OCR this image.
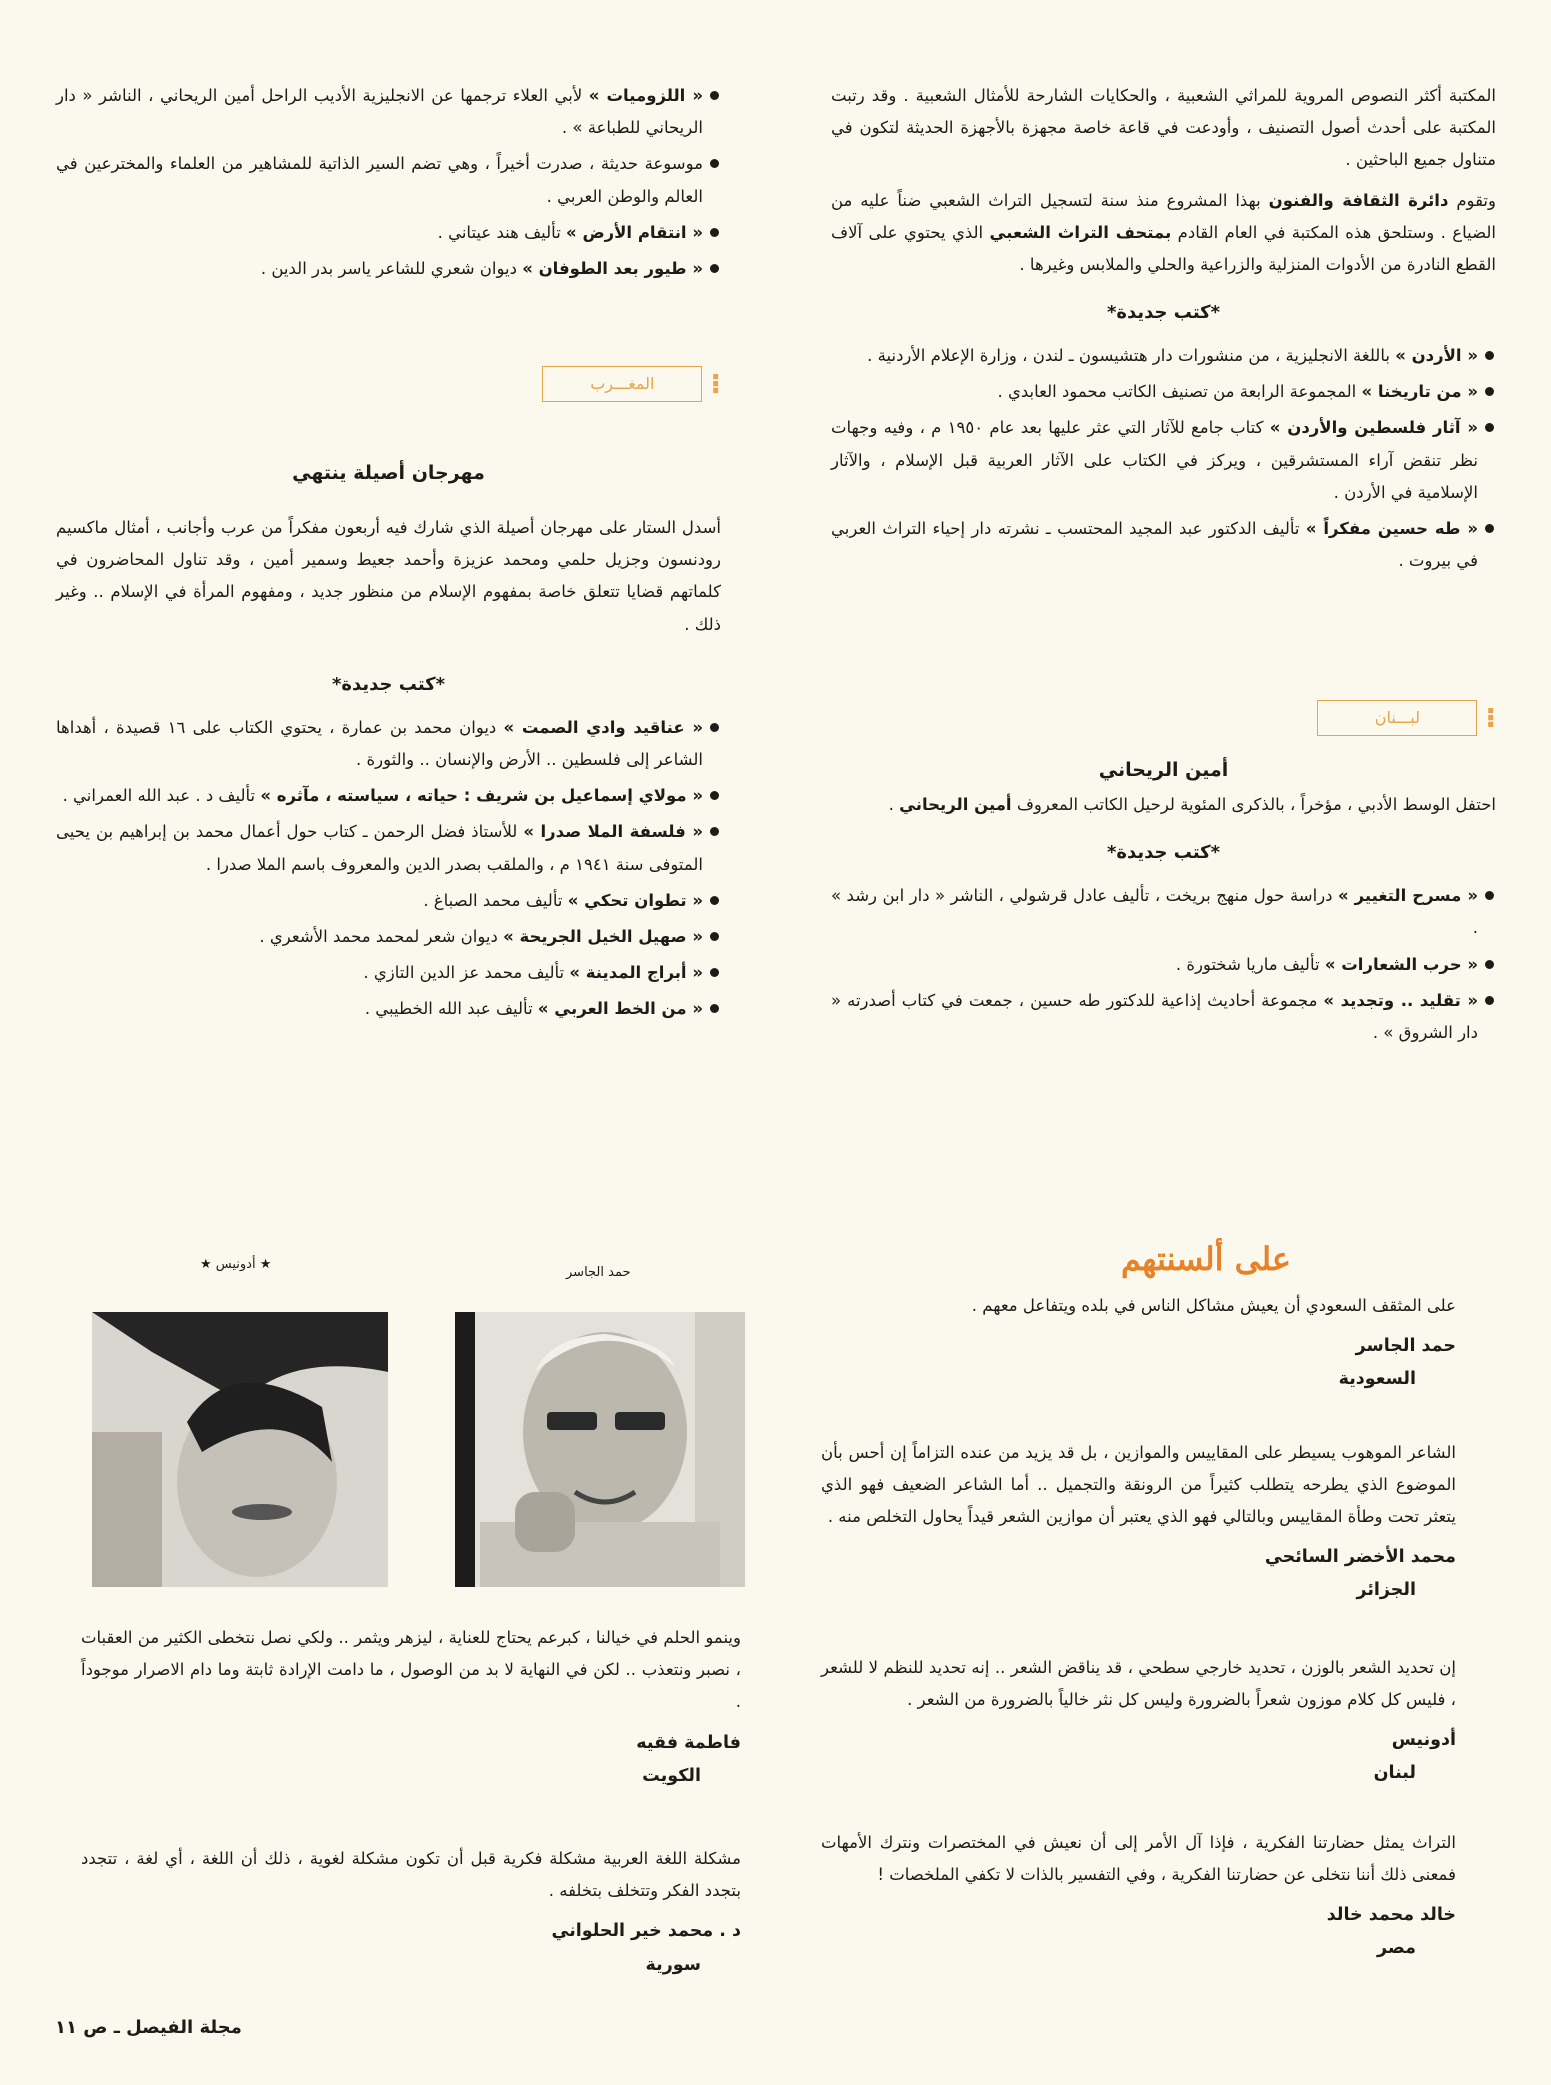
المكتبة أكثر النصوص المروية للمراثي الشعبية ، والحكايات الشارحة للأمثال الشعبية . وقد رتبت المكتبة على أحدث أصول التصنيف ، وأودعت في قاعة خاصة مجهزة بالأجهزة الحديثة لتكون في متناول جميع الباحثين .

وتقوم دائرة الثقافة والفنون بهذا المشروع منذ سنة لتسجيل التراث الشعبي ضناً عليه من الضياع . وستلحق هذه المكتبة في العام القادم بمتحف التراث الشعبي الذي يحتوي على آلاف القطع النادرة من الأدوات المنزلية والزراعية والحلي والملابس وغيرها .

*كتب جديدة*
« الأردن » باللغة الانجليزية ، من منشورات دار هتشيسون ـ لندن ، وزارة الإعلام الأردنية .
« من تاريخنا » المجموعة الرابعة من تصنيف الكاتب محمود العابدي .
« آثار فلسطين والأردن » كتاب جامع للآثار التي عثر عليها بعد عام ١٩٥٠ م ، وفيه وجهات نظر تنقض آراء المستشرقين ، ويركز في الكتاب على الآثار العربية قبل الإسلام ، والآثار الإسلامية في الأردن .
« طه حسين مفكراً » تأليف الدكتور عبد المجيد المحتسب ـ نشرته دار إحياء التراث العربي في بيروت .
⁝
لبـــنان
أمين الريحاني

احتفل الوسط الأدبي ، مؤخراً ، بالذكرى المئوية لرحيل الكاتب المعروف أمين الريحاني .

*كتب جديدة*
« مسرح التغيير » دراسة حول منهج بريخت ، تأليف عادل قرشولي ، الناشر « دار ابن رشد » .
« حرب الشعارات » تأليف ماريا شختورة .
« تقليد .. وتجديد » مجموعة أحاديث إذاعية للدكتور طه حسين ، جمعت في كتاب أصدرته « دار الشروق » .
« اللزوميات » لأبي العلاء ترجمها عن الانجليزية الأديب الراحل أمين الريحاني ، الناشر « دار الريحاني للطباعة » .
موسوعة حديثة ، صدرت أخيراً ، وهي تضم السير الذاتية للمشاهير من العلماء والمخترعين في العالم والوطن العربي .
« انتقام الأرض » تأليف هند عيتاني .
« طيور بعد الطوفان » ديوان شعري للشاعر ياسر بدر الدين .
⁝
المغـــرب
مهرجان أصيلة ينتهي

أسدل الستار على مهرجان أصيلة الذي شارك فيه أربعون مفكراً من عرب وأجانب ، أمثال ماكسيم رودنسون وجزيل حلمي ومحمد عزيزة وأحمد جعيط وسمير أمين ، وقد تناول المحاضرون في كلماتهم قضايا تتعلق خاصة بمفهوم الإسلام من منظور جديد ، ومفهوم المرأة في الإسلام .. وغير ذلك .

*كتب جديدة*
« عناقيد وادي الصمت » ديوان محمد بن عمارة ، يحتوي الكتاب على ١٦ قصيدة ، أهداها الشاعر إلى فلسطين .. الأرض والإنسان .. والثورة .
« مولاي إسماعيل بن شريف : حياته ، سياسته ، مآثره » تأليف د . عبد الله العمراني .
« فلسفة الملا صدرا » للأستاذ فضل الرحمن ـ كتاب حول أعمال محمد بن إبراهيم بن يحيى المتوفى سنة ١٩٤١ م ، والملقب بصدر الدين والمعروف باسم الملا صدرا .
« تطوان تحكي » تأليف محمد الصباغ .
« صهيل الخيل الجريحة » ديوان شعر لمحمد محمد الأشعري .
« أبراج المدينة » تأليف محمد عز الدين التازي .
« من الخط العربي » تأليف عبد الله الخطيبي .
على ألسنتهم

على المثقف السعودي أن يعيش مشاكل الناس في بلده ويتفاعل معهم .

حمد الجاسر
السعودية

الشاعر الموهوب يسيطر على المقاييس والموازين ، بل قد يزيد من عنده التزاماً إن أحس بأن الموضوع الذي يطرحه يتطلب كثيراً من الرونقة والتجميل .. أما الشاعر الضعيف فهو الذي يتعثر تحت وطأة المقاييس وبالتالي فهو الذي يعتبر أن موازين الشعر قيداً يحاول التخلص منه .

محمد الأخضر السائحي
الجزائر

إن تحديد الشعر بالوزن ، تحديد خارجي سطحي ، قد يناقض الشعر .. إنه تحديد للنظم لا للشعر ، فليس كل كلام موزون شعراً بالضرورة وليس كل نثر خالياً بالضرورة من الشعر .

أدونيس
لبنان

التراث يمثل حضارتنا الفكرية ، فإذا آل الأمر إلى أن نعيش في المختصرات ونترك الأمهات فمعنى ذلك أننا نتخلى عن حضارتنا الفكرية ، وفي التفسير بالذات لا تكفي الملخصات !

خالد محمد خالد
مصر
حمد الجاسر
★ أدونيس ★

وينمو الحلم في خيالنا ، كبرعم يحتاج للعناية ، ليزهر ويثمر .. ولكي نصل نتخطى الكثير من العقبات ، نصبر ونتعذب .. لكن في النهاية لا بد من الوصول ، ما دامت الإرادة ثابتة وما دام الاصرار موجوداً .

فاطمة فقيه
الكويت

مشكلة اللغة العربية مشكلة فكرية قبل أن تكون مشكلة لغوية ، ذلك أن اللغة ، أي لغة ، تتجدد بتجدد الفكر وتتخلف بتخلفه .

د . محمد خير الحلواني
سورية
مجلة الفيصل ـ ص ١١
